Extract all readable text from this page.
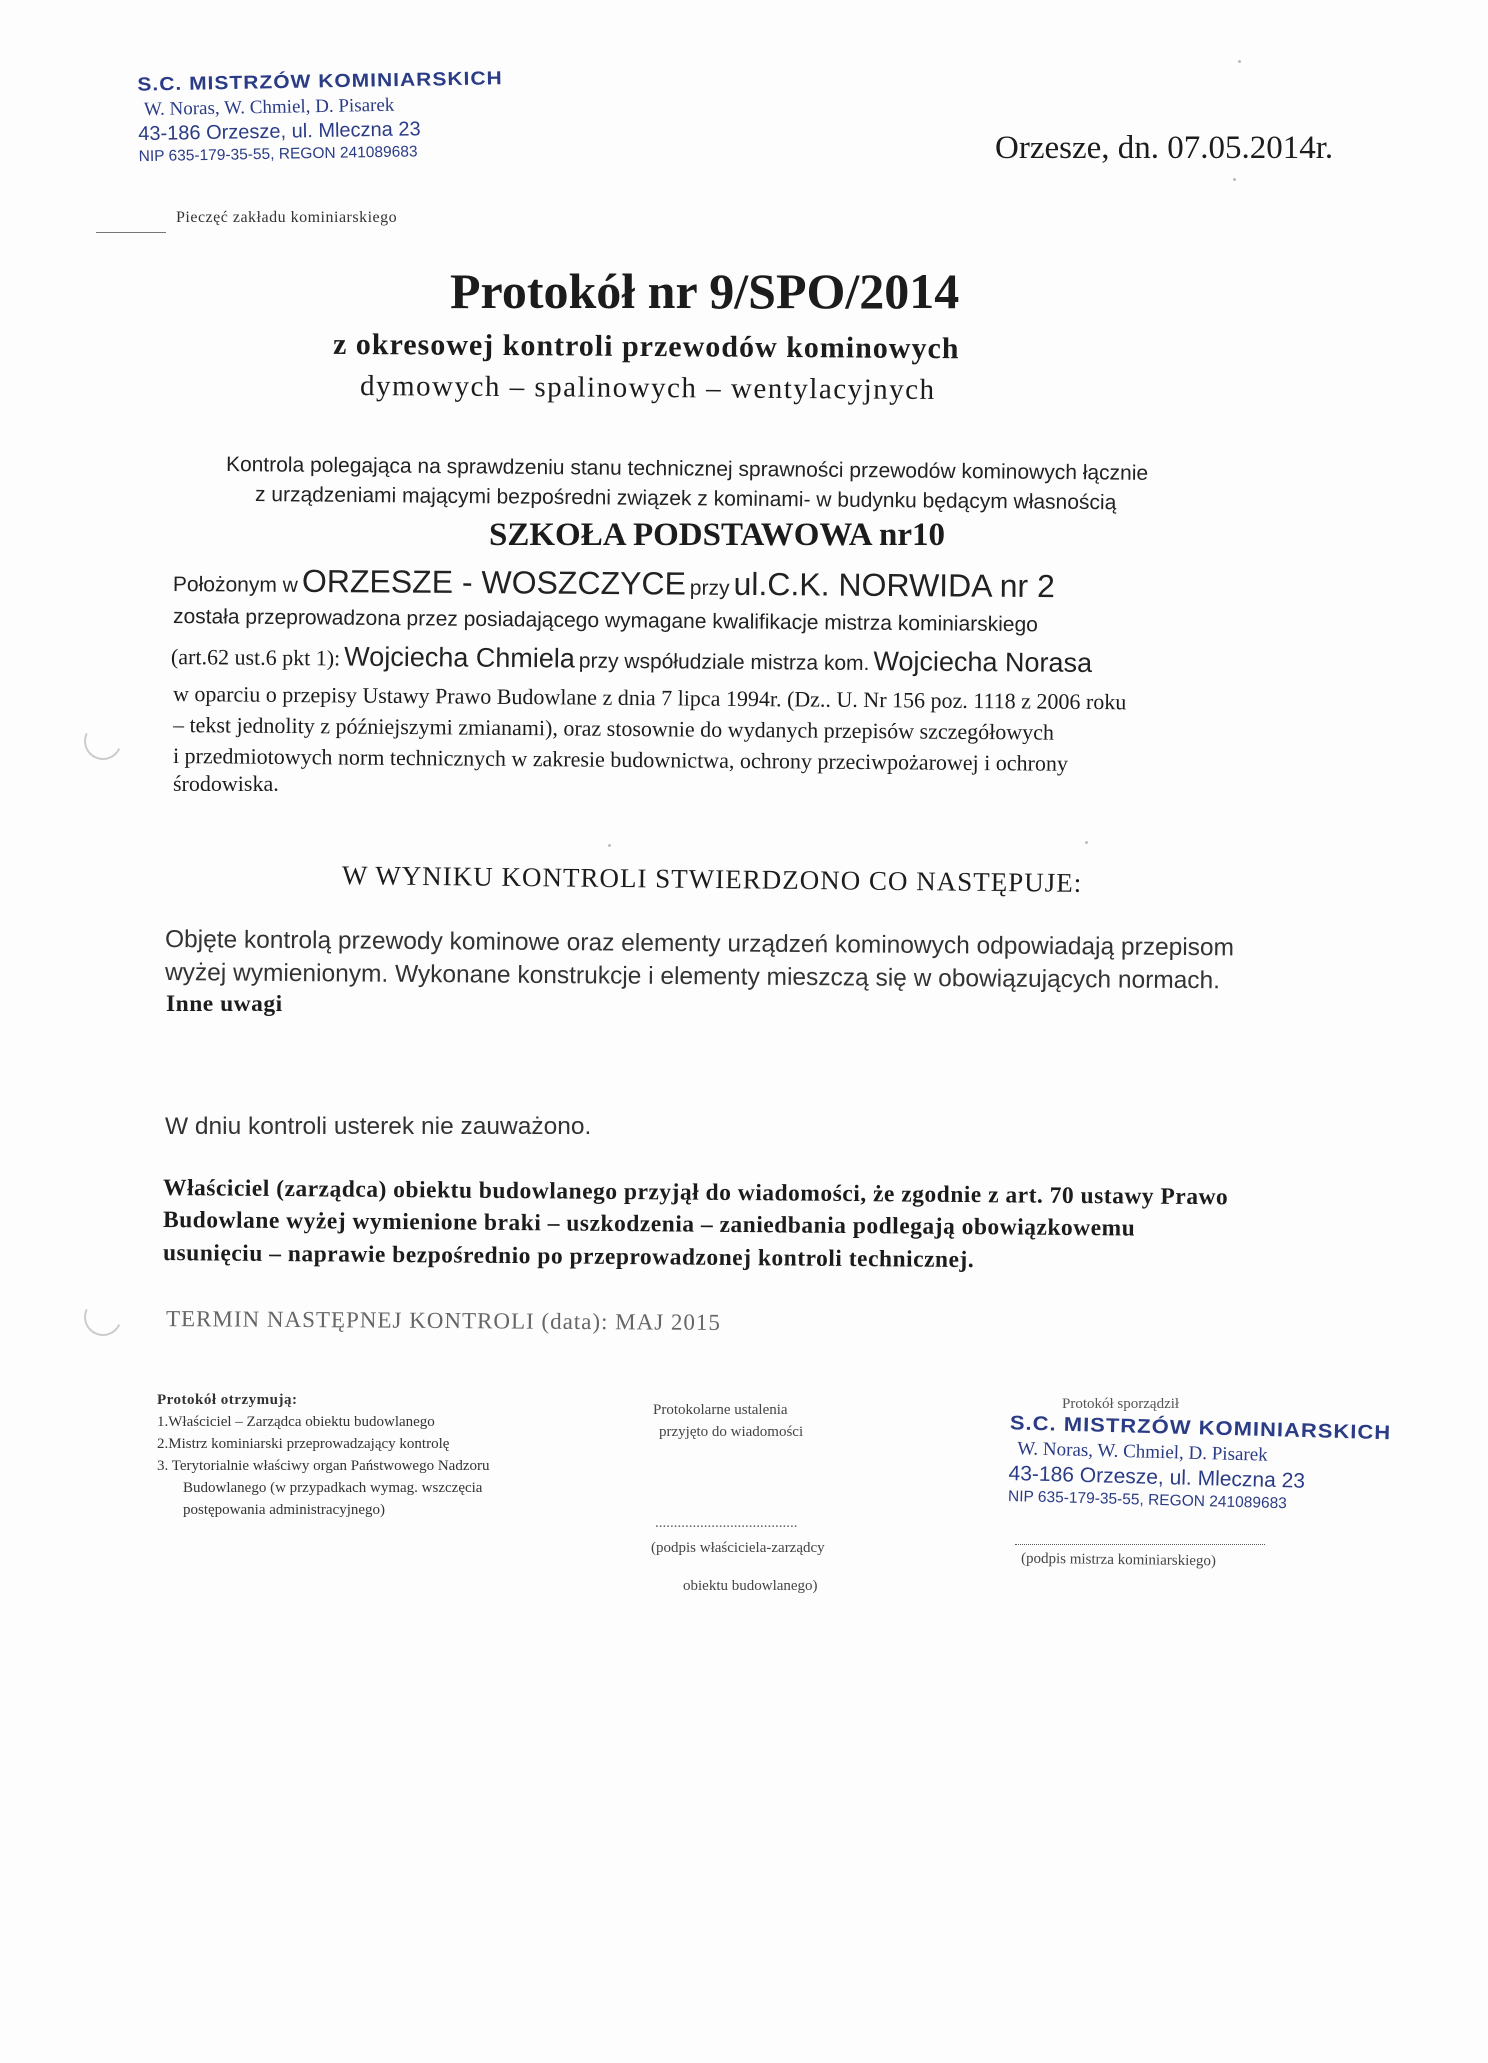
S.C. MISTRZÓW KOMINIARSKICH
W. Noras, W. Chmiel, D. Pisarek
43-186 Orzesze, ul. Mleczna 23
NIP 635-179-35-55, REGON 241089683
Pieczęć zakładu kominiarskiego
Orzesze, dn. 07.05.2014r.
Protokół nr 9/SPO/2014
z okresowej kontroli przewodów kominowych
dymowych – spalinowych – wentylacyjnych
Kontrola polegająca na sprawdzeniu stanu technicznej sprawności przewodów kominowych łącznie
z urządzeniami mającymi bezpośredni związek z kominami- w budynku będącym własnością
SZKOŁA PODSTAWOWA nr10
Położonym w ORZESZE - WOSZCZYCE przy ul.C.K. NORWIDA nr 2
została przeprowadzona przez posiadającego wymagane kwalifikacje mistrza kominiarskiego
(art.62 ust.6 pkt 1): Wojciecha Chmiela przy współudziale mistrza kom. Wojciecha Norasa
w oparciu o przepisy Ustawy Prawo Budowlane z dnia 7 lipca 1994r. (Dz.. U. Nr 156 poz. 1118 z 2006 roku
– tekst jednolity z późniejszymi zmianami), oraz stosownie do wydanych przepisów szczegółowych
i przedmiotowych norm technicznych w zakresie budownictwa, ochrony przeciwpożarowej i ochrony
środowiska.
W WYNIKU KONTROLI STWIERDZONO CO NASTĘPUJE:
Objęte kontrolą przewody kominowe oraz elementy urządzeń kominowych odpowiadają przepisom
wyżej wymienionym. Wykonane konstrukcje i elementy mieszczą się w obowiązujących normach.
Inne uwagi
W dniu kontroli usterek nie zauważono.
Właściciel (zarządca) obiektu budowlanego przyjął do wiadomości, że zgodnie z art. 70 ustawy Prawo
Budowlane wyżej wymienione braki – uszkodzenia – zaniedbania podlegają obowiązkowemu
usunięciu – naprawie bezpośrednio po przeprowadzonej kontroli technicznej.
TERMIN NASTĘPNEJ KONTROLI (data): MAJ 2015
Protokół otrzymują:
1.Właściciel – Zarządca obiektu budowlanego
2.Mistrz kominiarski przeprowadzający kontrolę
3. Terytorialnie właściwy organ Państwowego Nadzoru
Budowlanego (w przypadkach wymag. wszczęcia
postępowania administracyjnego)
Protokolarne ustalenia
przyjęto do wiadomości
......................................
(podpis właściciela-zarządcy
obiektu budowlanego)
Protokół sporządził
S.C. MISTRZÓW KOMINIARSKICH
W. Noras, W. Chmiel, D. Pisarek
43-186 Orzesze, ul. Mleczna 23
NIP 635-179-35-55, REGON 241089683
(podpis mistrza kominiarskiego)
